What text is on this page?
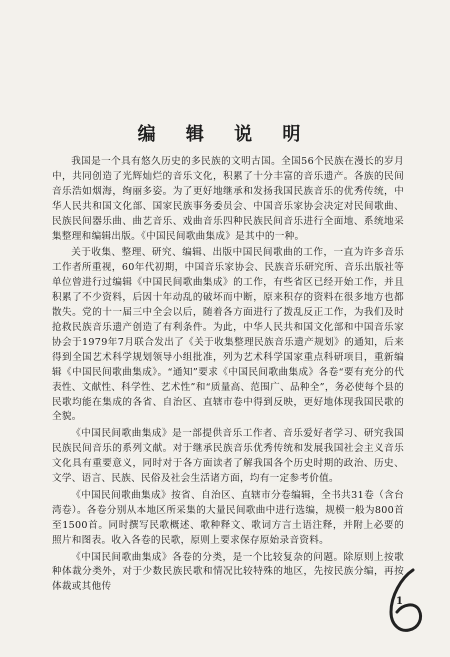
编 辑 说 明

我国是一个具有悠久历史的多民族的文明古国。全国56个民族在漫长的岁月中，共同创造了光辉灿烂的音乐文化，积累了十分丰富的音乐遗产。各族的民间音乐浩如烟海，绚丽多姿。为了更好地继承和发扬我国民族音乐的优秀传统，中华人民共和国文化部、国家民族事务委员会、中国音乐家协会决定对民间歌曲、民族民间器乐曲、曲艺音乐、戏曲音乐四种民族民间音乐进行全面地、系统地采集整理和编辑出版。《中国民间歌曲集成》是其中的一种。

关于收集、整理、研究、编辑、出版中国民间歌曲的工作，一直为许多音乐工作者所重视，60年代初期，中国音乐家协会、民族音乐研究所、音乐出版社等单位曾进行过编辑《中国民间歌曲集成》的工作，有些省区已经开始工作，并且积累了不少资料，后因十年动乱的破坏而中断，原来积存的资料在很多地方也都散失。党的十一届三中全会以后，随着各方面进行了拨乱反正工作，为我们及时抢救民族音乐遗产创造了有利条件。为此，中华人民共和国文化部和中国音乐家协会于1979年7月联合发出了《关于收集整理民族音乐遗产规划》的通知，后来得到全国艺术科学规划领导小组批准，列为艺术科学国家重点科研项目，重新编辑《中国民间歌曲集成》。“通知”要求《中国民间歌曲集成》各卷“要有充分的代表性、文献性、科学性、艺术性”和“质量高、范围广、品种全”，务必使每个县的民歌均能在集成的各省、自治区、直辖市卷中得到反映，更好地体现我国民歌的全貌。

《中国民间歌曲集成》是一部提供音乐工作者、音乐爱好者学习、研究我国民族民间音乐的系列文献。对于继承民族音乐优秀传统和发展我国社会主义音乐文化具有重要意义，同时对于各方面读者了解我国各个历史时期的政治、历史、文学、语言、民族、民俗及社会生活诸方面，均有一定参考价值。

《中国民间歌曲集成》按省、自治区、直辖市分卷编辑，全书共31卷（含台湾卷）。各卷分别从本地区所采集的大量民间歌曲中进行选编，规模一般为800首至1500首。同时撰写民歌概述、歌种释文、歌词方言土语注释，并附上必要的照片和图表。收入各卷的民歌，原则上要求保存原始录音资料。

《中国民间歌曲集成》各卷的分类，是一个比较复杂的问题。除原则上按歌种体裁分类外，对于少数民族民歌和情况比较特殊的地区，先按民族分编，再按体裁或其他传

1
